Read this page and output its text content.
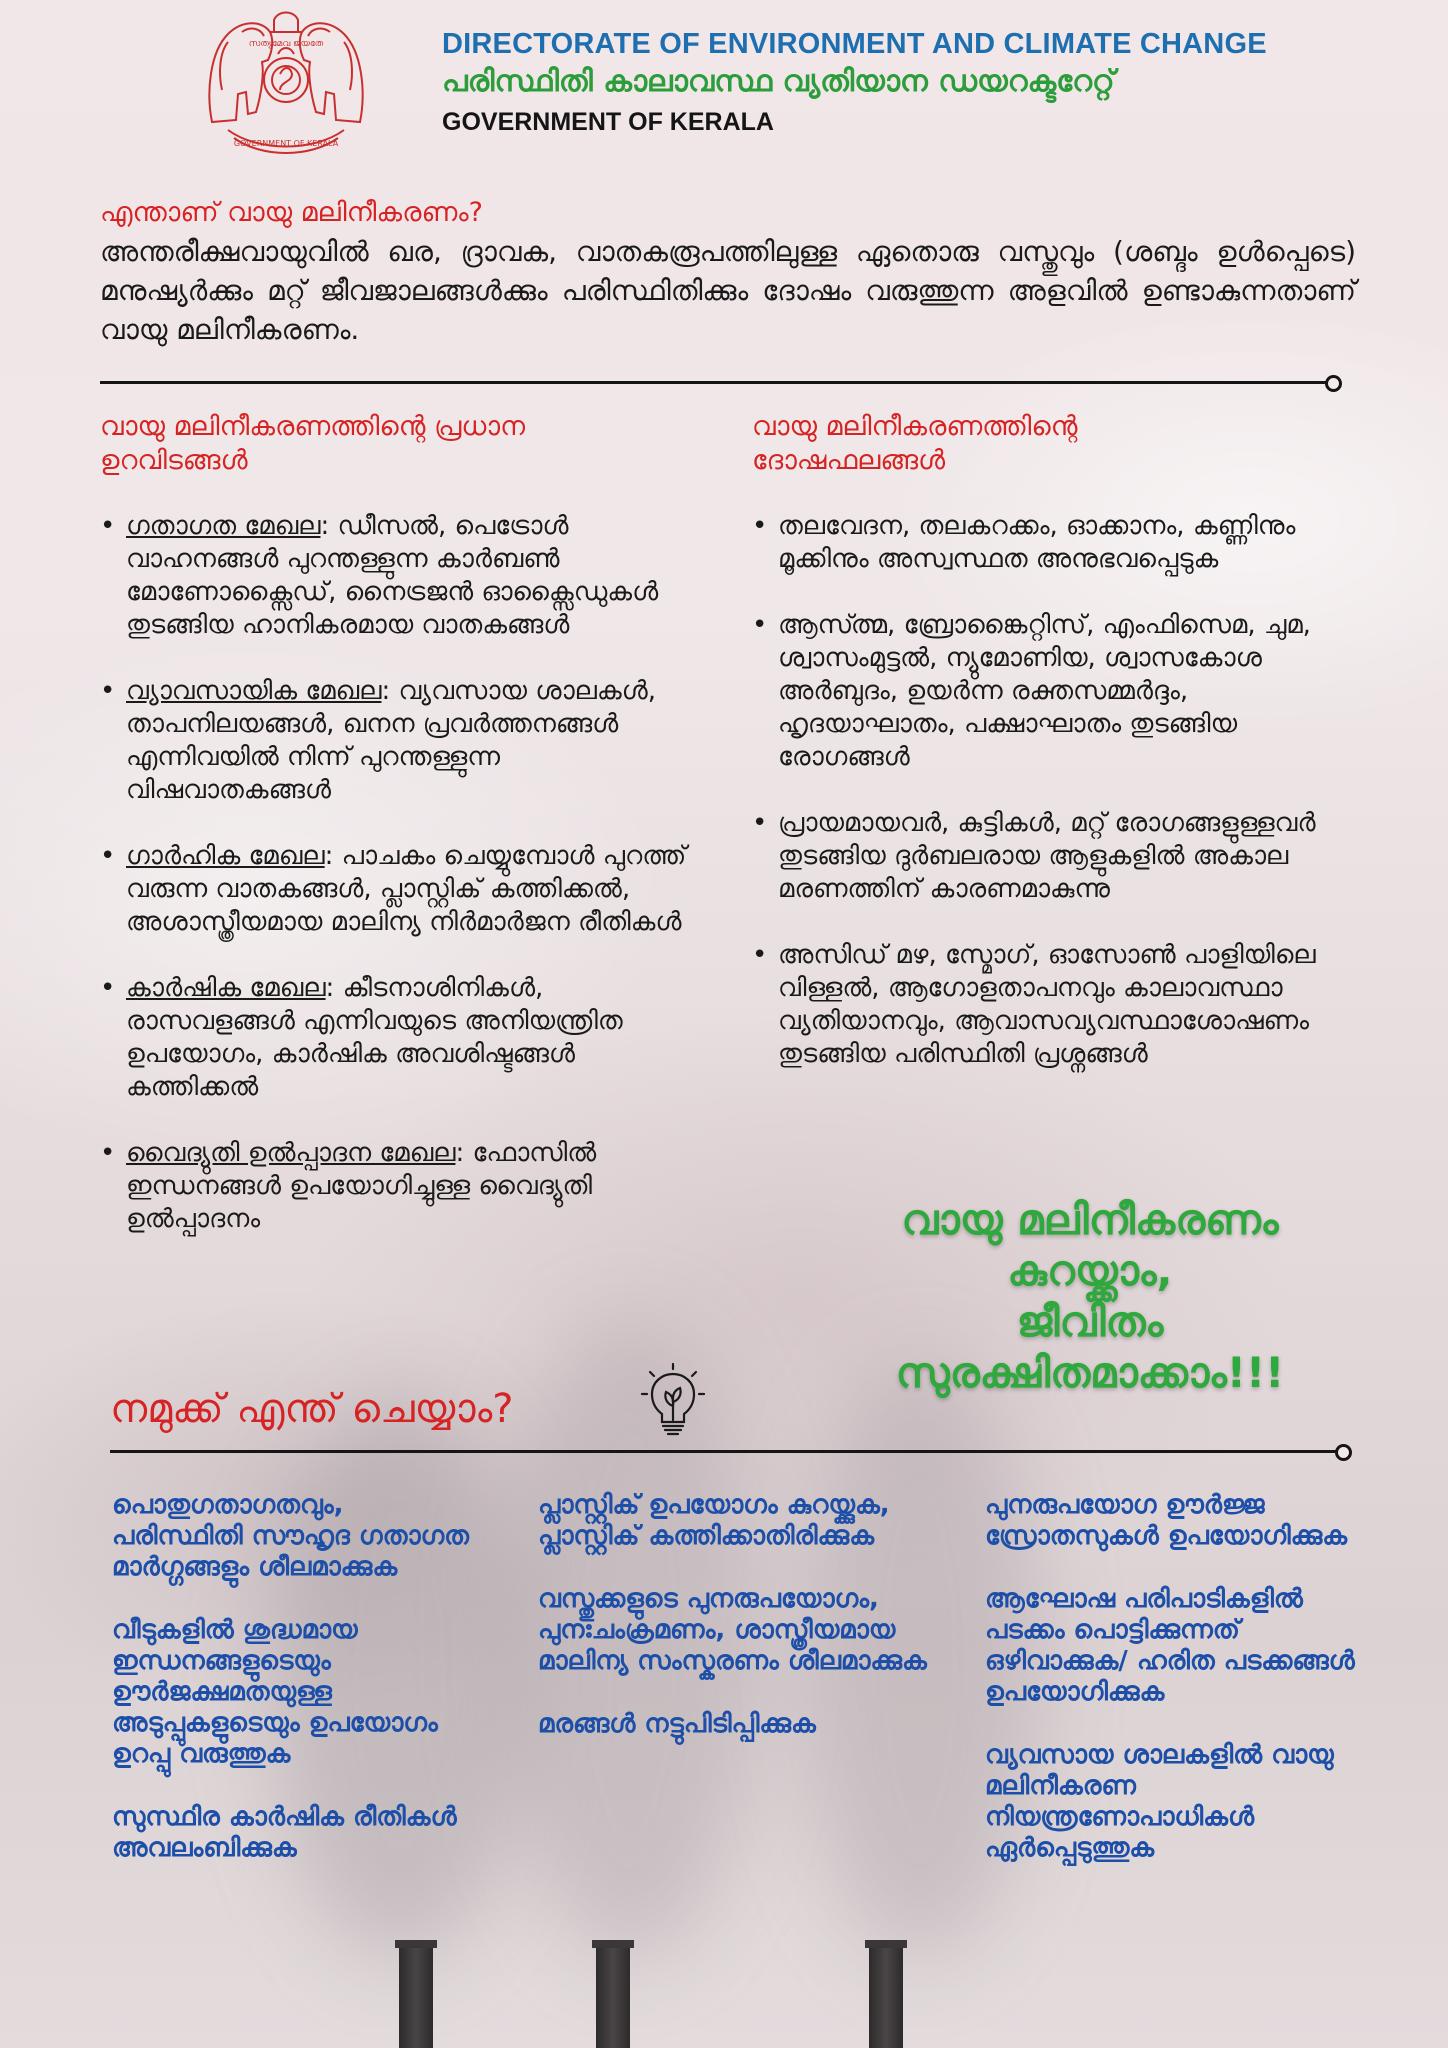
സത്യമേവ ജയതേ
GOVERNMENT OF KERALA
DIRECTORATE OF ENVIRONMENT AND CLIMATE CHANGE
പരിസ്ഥിതി കാലാവസ്ഥ വ്യതിയാന ഡയറക്ടറേറ്റ്
GOVERNMENT OF KERALA
എന്താണ് വായു മലിനീകരണം?

അന്തരീക്ഷവായുവിൽ ഖര, ദ്രാവക, വാതകരൂപത്തിലുള്ള ഏതൊരു വസ്തുവും (ശബ്ദം ഉൾപ്പെടെ) മനുഷ്യർക്കും മറ്റ് ജീവജാലങ്ങൾക്കും പരിസ്ഥിതിക്കും ദോഷം വരുത്തുന്ന അളവിൽ ഉണ്ടാകുന്നതാണ് വായു മലിനീകരണം.

വായു മലിനീകരണത്തിന്റെ പ്രധാന
ഉറവിടങ്ങൾ
• ഗതാഗത മേഖല: ഡീസൽ, പെട്രോൾ വാഹനങ്ങൾ പുറന്തള്ളുന്ന കാർബൺ മോണോക്സൈഡ്, നൈട്രജൻ ഓക്സൈഡുകൾ തുടങ്ങിയ ഹാനികരമായ വാതകങ്ങൾ
• വ്യാവസായിക മേഖല: വ്യവസായ ശാലകൾ, താപനിലയങ്ങൾ, ഖനന പ്രവർത്തനങ്ങൾ എന്നിവയിൽ നിന്ന് പുറന്തള്ളുന്ന വിഷവാതകങ്ങൾ
• ഗാർഹിക മേഖല: പാചകം ചെയ്യുമ്പോൾ പുറത്ത് വരുന്ന വാതകങ്ങൾ, പ്ലാസ്റ്റിക് കത്തിക്കൽ, അശാസ്ത്രീയമായ മാലിന്യ നിർമാർജന രീതികൾ
• കാർഷിക മേഖല: കീടനാശിനികൾ, രാസവളങ്ങൾ എന്നിവയുടെ അനിയന്ത്രിത ഉപയോഗം, കാർഷിക അവശിഷ്ടങ്ങൾ കത്തിക്കൽ
• വൈദ്യുതി ഉൽപ്പാദന മേഖല: ഫോസിൽ ഇന്ധനങ്ങൾ ഉപയോഗിച്ചുള്ള വൈദ്യുതി ഉൽപ്പാദനം
വായു മലിനീകരണത്തിന്റെ
ദോഷഫലങ്ങൾ
• തലവേദന, തലകറക്കം, ഓക്കാനം, കണ്ണിനും മൂക്കിനും അസ്വസ്ഥത അനുഭവപ്പെടുക
• ആസ്ത്മ, ബ്രോങ്കൈറ്റിസ്, എംഫിസെമ, ചുമ, ശ്വാസംമുട്ടൽ, ന്യുമോണിയ, ശ്വാസകോശ അർബുദം, ഉയർന്ന രക്തസമ്മർദ്ദം, ഹൃദയാഘാതം, പക്ഷാഘാതം തുടങ്ങിയ രോഗങ്ങൾ
• പ്രായമായവർ, കുട്ടികൾ, മറ്റ് രോഗങ്ങളുള്ളവർ തുടങ്ങിയ ദുർബലരായ ആളുകളിൽ അകാല മരണത്തിന് കാരണമാകുന്നു
• അസിഡ് മഴ, സ്മോഗ്, ഓസോൺ പാളിയിലെ വിള്ളൽ, ആഗോളതാപനവും കാലാവസ്ഥാ വ്യതിയാനവും, ആവാസവ്യവസ്ഥാശോഷണം തുടങ്ങിയ പരിസ്ഥിതി പ്രശ്നങ്ങൾ
വായു മലിനീകരണം
കുറയ്ക്കാം,
ജീവിതം
സുരക്ഷിതമാക്കാം!!!
നമുക്ക് എന്ത് ചെയ്യാം?

പൊതുഗതാഗതവും, പരിസ്ഥിതി സൗഹൃദ ഗതാഗത മാർഗ്ഗങ്ങളും ശീലമാക്കുക

വീടുകളിൽ ശുദ്ധമായ ഇന്ധനങ്ങളുടെയും ഊർജക്ഷമതയുള്ള അടുപ്പുകളുടെയും ഉപയോഗം ഉറപ്പു വരുത്തുക

സുസ്ഥിര കാർഷിക രീതികൾ അവലംബിക്കുക

പ്ലാസ്റ്റിക് ഉപയോഗം കുറയ്ക്കുക, പ്ലാസ്റ്റിക് കത്തിക്കാതിരിക്കുക

വസ്തുക്കളുടെ പുനരുപയോഗം, പുനഃചംക്രമണം, ശാസ്ത്രീയമായ മാലിന്യ സംസ്കരണം ശീലമാക്കുക

മരങ്ങൾ നട്ടുപിടിപ്പിക്കുക

പുനരുപയോഗ ഊർജ്ജ സ്രോതസുകൾ ഉപയോഗിക്കുക

ആഘോഷ പരിപാടികളിൽ പടക്കം പൊട്ടിക്കുന്നത് ഒഴിവാക്കുക/ ഹരിത പടക്കങ്ങൾ ഉപയോഗിക്കുക

വ്യവസായ ശാലകളിൽ വായു മലിനീകരണ നിയന്ത്രണോപാധികൾ ഏർപ്പെടുത്തുക
